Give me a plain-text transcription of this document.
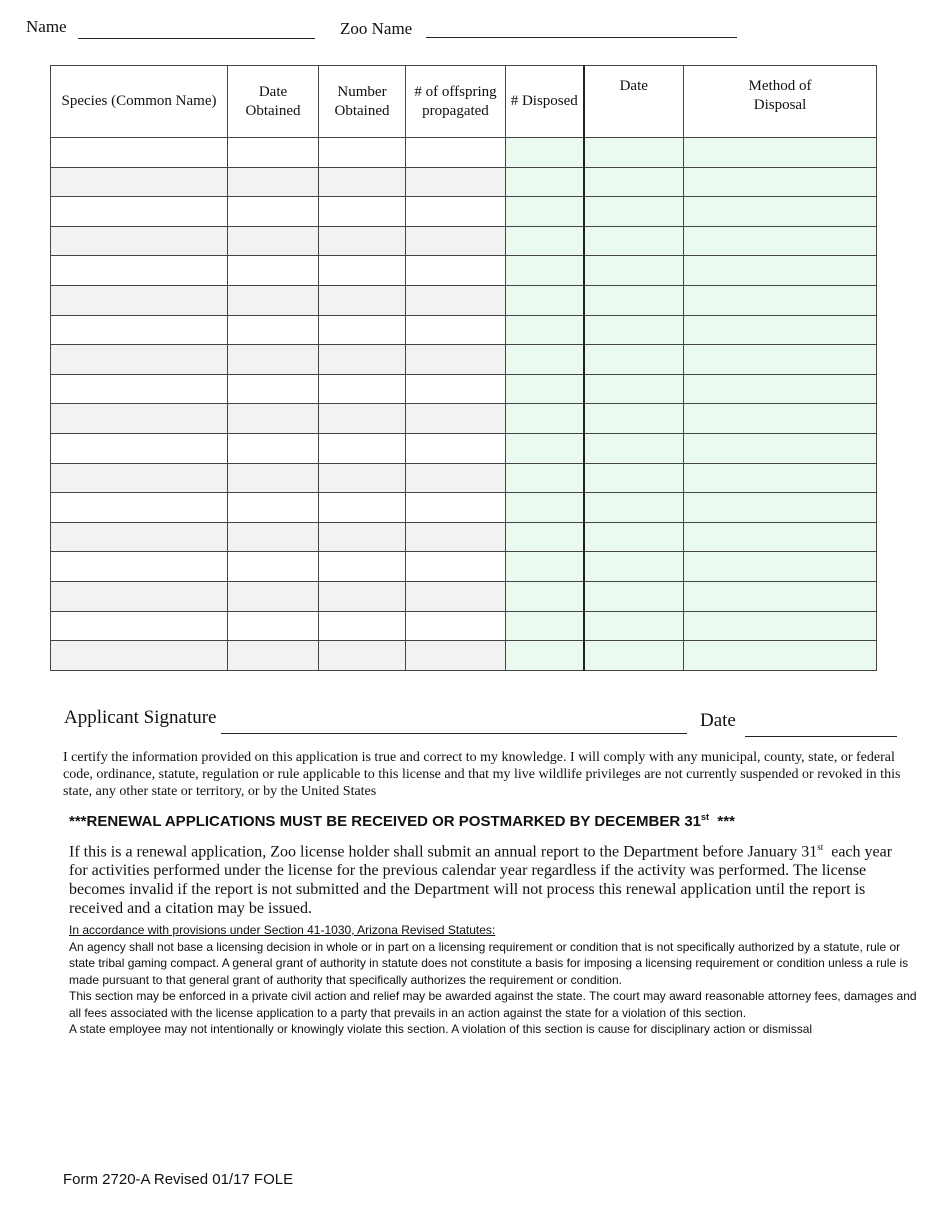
Name	Zoo Name
Species (Common Name)	Date Obtained	Number Obtained	# of offspring propagated	# Disposed	Date	Method of Disposal

Applicant Signature	Date
I certify the information provided on this application is true and correct to my knowledge. I will comply with any municipal, county, state, or federal code, ordinance, statute, regulation or rule applicable to this license and that my live wildlife privileges are not currently suspended or revoked in this state, any other state or territory, or by the United States
***RENEWAL APPLICATIONS MUST BE RECEIVED OR POSTMARKED BY DECEMBER 31st ***
If this is a renewal application, Zoo license holder shall submit an annual report to the Department before January 31st each year for activities performed under the license for the previous calendar year regardless if the activity was performed. The license becomes invalid if the report is not submitted and the Department will not process this renewal application until the report is received and a citation may be issued.
In accordance with provisions under Section 41-1030, Arizona Revised Statutes:
An agency shall not base a licensing decision in whole or in part on a licensing requirement or condition that is not specifically authorized by a statute, rule or state tribal gaming compact. A general grant of authority in statute does not constitute a basis for imposing a licensing requirement or condition unless a rule is made pursuant to that general grant of authority that specifically authorizes the requirement or condition.
This section may be enforced in a private civil action and relief may be awarded against the state. The court may award reasonable attorney fees, damages and all fees associated with the license application to a party that prevails in an action against the state for a violation of this section.
A state employee may not intentionally or knowingly violate this section. A violation of this section is cause for disciplinary action or dismissal
Form 2720-A Revised 01/17 FOLE
